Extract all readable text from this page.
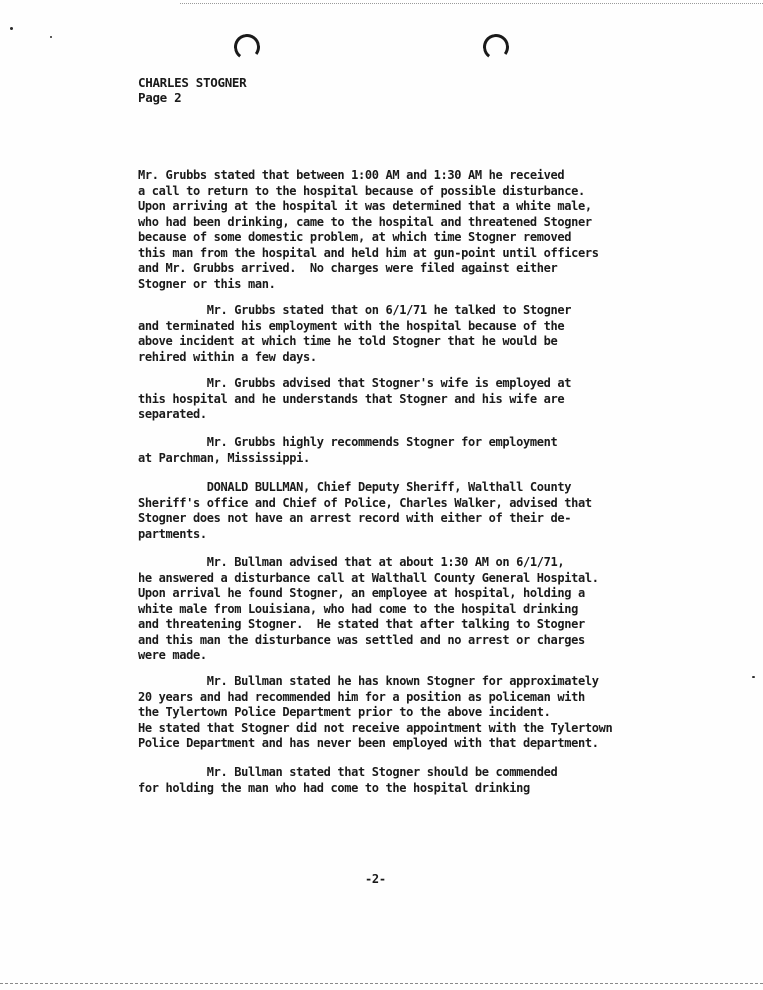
CHARLES STOGNER
Page 2

Mr. Grubbs stated that between 1:00 AM and 1:30 AM he received
a call to return to the hospital because of possible disturbance.
Upon arriving at the hospital it was determined that a white male,
who had been drinking, came to the hospital and threatened Stogner
because of some domestic problem, at which time Stogner removed
this man from the hospital and held him at gun-point until officers
and Mr. Grubbs arrived.  No charges were filed against either
Stogner or this man.

Mr. Grubbs stated that on 6/1/71 he talked to Stogner
and terminated his employment with the hospital because of the
above incident at which time he told Stogner that he would be
rehired within a few days.

Mr. Grubbs advised that Stogner's wife is employed at
this hospital and he understands that Stogner and his wife are
separated.

Mr. Grubbs highly recommends Stogner for employment
at Parchman, Mississippi.

DONALD BULLMAN, Chief Deputy Sheriff, Walthall County
Sheriff's office and Chief of Police, Charles Walker, advised that
Stogner does not have an arrest record with either of their de-
partments.

Mr. Bullman advised that at about 1:30 AM on 6/1/71,
he answered a disturbance call at Walthall County General Hospital.
Upon arrival he found Stogner, an employee at hospital, holding a
white male from Louisiana, who had come to the hospital drinking
and threatening Stogner.  He stated that after talking to Stogner
and this man the disturbance was settled and no arrest or charges
were made.

Mr. Bullman stated he has known Stogner for approximately
20 years and had recommended him for a position as policeman with
the Tylertown Police Department prior to the above incident.
He stated that Stogner did not receive appointment with the Tylertown
Police Department and has never been employed with that department.

Mr. Bullman stated that Stogner should be commended
for holding the man who had come to the hospital drinking

-2-
